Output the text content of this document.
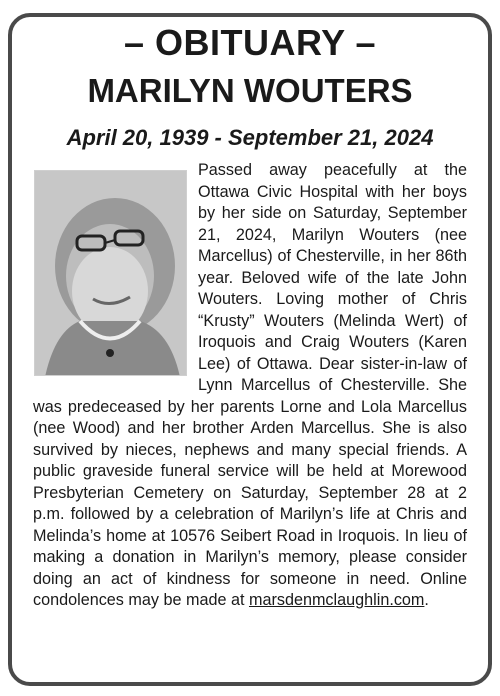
– OBITUARY –
MARILYN WOUTERS
April 20, 1939 - September 21, 2024
Passed away peacefully at the Ottawa Civic Hospital with her boys by her side on Saturday, September 21, 2024, Marilyn Wouters (nee Marcellus) of Chesterville, in her 86th year. Beloved wife of the late John Wouters. Loving mother of Chris “Krusty” Wouters (Melinda Wert) of Iroquois and Craig Wouters (Karen Lee) of Ottawa. Dear sister-in-law of Lynn Marcellus of Chesterville. She was predeceased by her parents Lorne and Lola Marcellus (nee Wood) and her brother Arden Marcellus. She is also survived by nieces, nephews and many special friends. A public graveside funeral service will be held at Morewood Presbyterian Cemetery on Saturday, September 28 at 2 p.m. followed by a celebration of Marilyn’s life at Chris and Melinda’s home at 10576 Seibert Road in Iroquois. In lieu of making a donation in Marilyn’s memory, please consider doing an act of kindness for someone in need. Online condolences may be made at marsdenmclaughlin.com.
